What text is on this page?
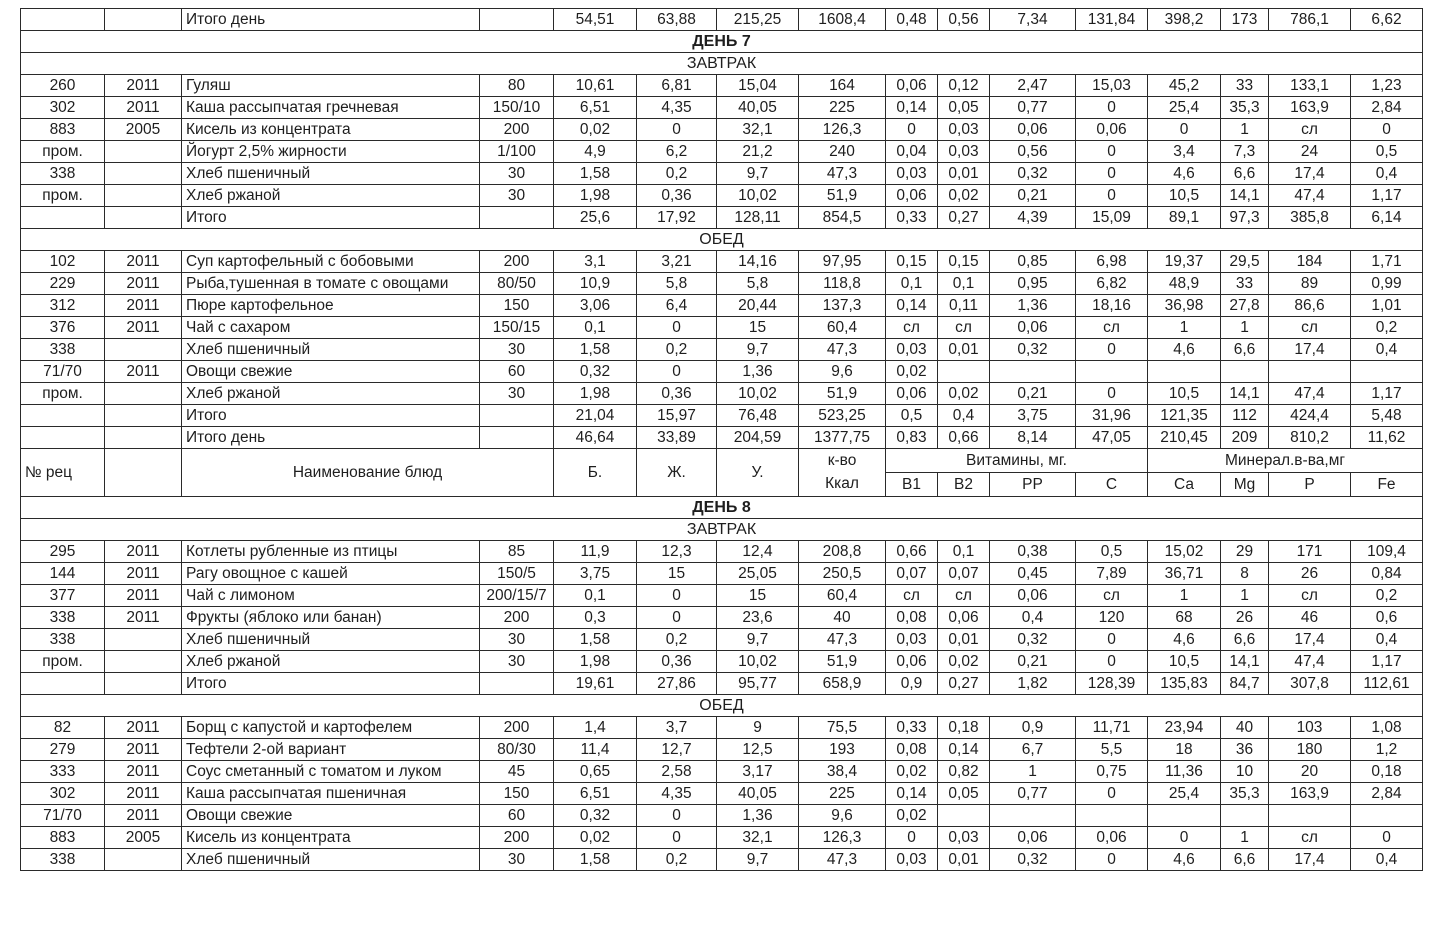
		Итого день		54,51	63,88	215,25	1608,4	0,48	0,56	7,34	131,84	398,2	173	786,1	6,62
ДЕНЬ 7															
ЗАВТРАК															
260	2011	Гуляш	80	10,61	6,81	15,04	164	0,06	0,12	2,47	15,03	45,2	33	133,1	1,23
302	2011	Каша рассыпчатая гречневая	150/10	6,51	4,35	40,05	225	0,14	0,05	0,77	0	25,4	35,3	163,9	2,84
883	2005	Кисель из концентрата	200	0,02	0	32,1	126,3	0	0,03	0,06	0,06	0	1	сл	0
пром.		Йогурт 2,5% жирности	1/100	4,9	6,2	21,2	240	0,04	0,03	0,56	0	3,4	7,3	24	0,5
338		Хлеб пшеничный	30	1,58	0,2	9,7	47,3	0,03	0,01	0,32	0	4,6	6,6	17,4	0,4
пром.		Хлеб ржаной	30	1,98	0,36	10,02	51,9	0,06	0,02	0,21	0	10,5	14,1	47,4	1,17
		Итого		25,6	17,92	128,11	854,5	0,33	0,27	4,39	15,09	89,1	97,3	385,8	6,14
ОБЕД															
102	2011	Суп картофельный с бобовыми	200	3,1	3,21	14,16	97,95	0,15	0,15	0,85	6,98	19,37	29,5	184	1,71
229	2011	Рыба,тушенная в томате с овощами	80/50	10,9	5,8	5,8	118,8	0,1	0,1	0,95	6,82	48,9	33	89	0,99
312	2011	Пюре картофельное	150	3,06	6,4	20,44	137,3	0,14	0,11	1,36	18,16	36,98	27,8	86,6	1,01
376	2011	Чай с сахаром	150/15	0,1	0	15	60,4	сл	сл	0,06	сл	1	1	сл	0,2
338		Хлеб пшеничный	30	1,58	0,2	9,7	47,3	0,03	0,01	0,32	0	4,6	6,6	17,4	0,4
71/70	2011	Овощи свежие	60	0,32	0	1,36	9,6	0,02							
пром.		Хлеб ржаной	30	1,98	0,36	10,02	51,9	0,06	0,02	0,21	0	10,5	14,1	47,4	1,17
		Итого		21,04	15,97	76,48	523,25	0,5	0,4	3,75	31,96	121,35	112	424,4	5,48
		Итого день		46,64	33,89	204,59	1377,75	0,83	0,66	8,14	47,05	210,45	209	810,2	11,62
№ рец		Наименование блюд		Б.	Ж.	У.	к-во	Витамины, мг.				Минерал.в-ва,мг			
							Ккал	В1	В2	РР	С	Са	Mg	Р	Fe
ДЕНЬ 8															
ЗАВТРАК															
295	2011	Котлеты рубленные из птицы	85	11,9	12,3	12,4	208,8	0,66	0,1	0,38	0,5	15,02	29	171	109,4
144	2011	Рагу овощное с кашей	150/5	3,75	15	25,05	250,5	0,07	0,07	0,45	7,89	36,71	8	26	0,84
377	2011	Чай с лимоном	200/15/7	0,1	0	15	60,4	сл	сл	0,06	сл	1	1	сл	0,2
338	2011	Фрукты (яблоко или банан)	200	0,3	0	23,6	40	0,08	0,06	0,4	120	68	26	46	0,6
338		Хлеб пшеничный	30	1,58	0,2	9,7	47,3	0,03	0,01	0,32	0	4,6	6,6	17,4	0,4
пром.		Хлеб ржаной	30	1,98	0,36	10,02	51,9	0,06	0,02	0,21	0	10,5	14,1	47,4	1,17
		Итого		19,61	27,86	95,77	658,9	0,9	0,27	1,82	128,39	135,83	84,7	307,8	112,61
ОБЕД															
82	2011	Борщ с капустой и картофелем	200	1,4	3,7	9	75,5	0,33	0,18	0,9	11,71	23,94	40	103	1,08
279	2011	Тефтели 2-ой вариант	80/30	11,4	12,7	12,5	193	0,08	0,14	6,7	5,5	18	36	180	1,2
333	2011	Соус сметанный с томатом и луком	45	0,65	2,58	3,17	38,4	0,02	0,82	1	0,75	11,36	10	20	0,18
302	2011	Каша рассыпчатая пшеничная	150	6,51	4,35	40,05	225	0,14	0,05	0,77	0	25,4	35,3	163,9	2,84
71/70	2011	Овощи свежие	60	0,32	0	1,36	9,6	0,02							
883	2005	Кисель из концентрата	200	0,02	0	32,1	126,3	0	0,03	0,06	0,06	0	1	сл	0
338		Хлеб пшеничный	30	1,58	0,2	9,7	47,3	0,03	0,01	0,32	0	4,6	6,6	17,4	0,4
